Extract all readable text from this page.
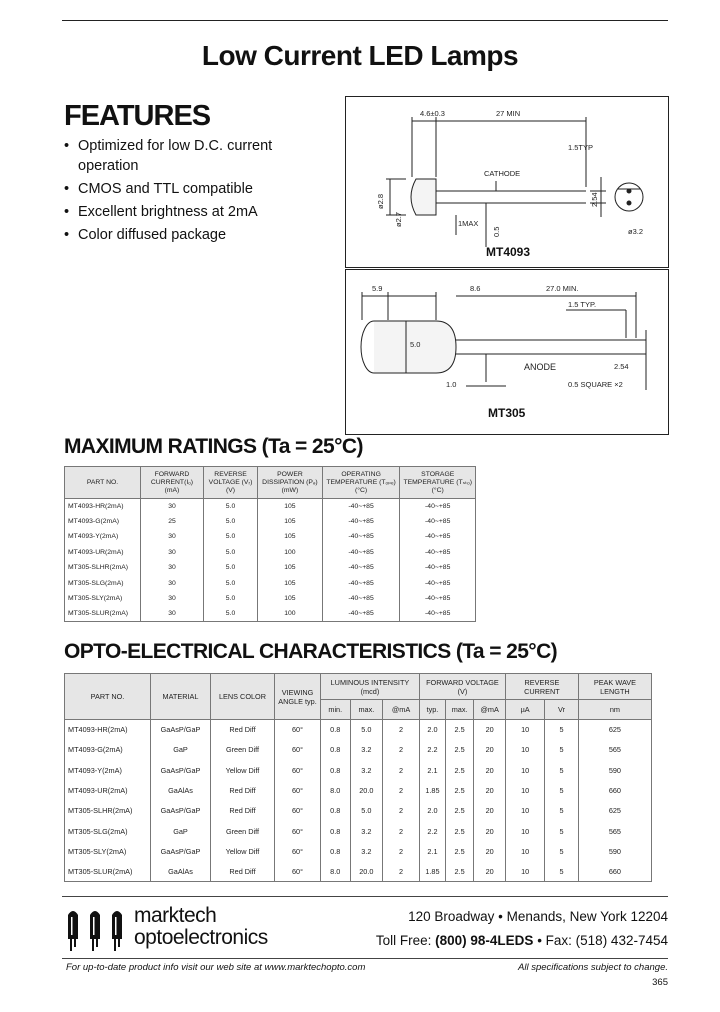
Low Current LED Lamps
FEATURES
• Optimized for low D.C. current operation
• CMOS and TTL compatible
• Excellent brightness at 2mA
• Color diffused package
4.6±0.3	27 MIN
1.5TYP
CATHODE
ø2.8
ø2.7	1MAX
0.5
2.54
ø3.2
MT4093
5.9	8.6	27.0 MIN.
1.5 TYP.
5.0
ANODE	2.54
1.0	0.5 SQUARE ×2
MT305
MAXIMUM RATINGS (Ta = 25°C)
PART NO.	FORWARD CURRENT(Iₒ) (mA)	REVERSE VOLTAGE (Vᵣ) (V)	POWER DISSIPATION (Pₔ) (mW)	OPERATING TEMPERATURE (Tₒₚₑ) (°C)	STORAGE TEMPERATURE (Tₛₜₒ) (°C)
MT4093-HR(2mA)	30	5.0	105	-40~+85	-40~+85
MT4093-G(2mA)	25	5.0	105	-40~+85	-40~+85
MT4093-Y(2mA)	30	5.0	105	-40~+85	-40~+85
MT4093-UR(2mA)	30	5.0	100	-40~+85	-40~+85
MT305-SLHR(2mA)	30	5.0	105	-40~+85	-40~+85
MT305-SLG(2mA)	30	5.0	105	-40~+85	-40~+85
MT305-SLY(2mA)	30	5.0	105	-40~+85	-40~+85
MT305-SLUR(2mA)	30	5.0	100	-40~+85	-40~+85
OPTO-ELECTRICAL CHARACTERISTICS (Ta = 25°C)
PART NO.	MATERIAL	LENS COLOR	VIEWING ANGLE typ.	LUMINOUS INTENSITY (mcd)			FORWARD VOLTAGE (V)			REVERSE CURRENT		PEAK WAVE LENGTH
				min.	max.	@mA	typ.	max.	@mA	µA	Vr	nm
MT4093-HR(2mA)	GaAsP/GaP	Red Diff	60°	0.8	5.0	2	2.0	2.5	20	10	5	625
MT4093-G(2mA)	GaP	Green Diff	60°	0.8	3.2	2	2.2	2.5	20	10	5	565
MT4093-Y(2mA)	GaAsP/GaP	Yellow Diff	60°	0.8	3.2	2	2.1	2.5	20	10	5	590
MT4093-UR(2mA)	GaAlAs	Red Diff	60°	8.0	20.0	2	1.85	2.5	20	10	5	660
MT305-SLHR(2mA)	GaAsP/GaP	Red Diff	60°	0.8	5.0	2	2.0	2.5	20	10	5	625
MT305-SLG(2mA)	GaP	Green Diff	60°	0.8	3.2	2	2.2	2.5	20	10	5	565
MT305-SLY(2mA)	GaAsP/GaP	Yellow Diff	60°	0.8	3.2	2	2.1	2.5	20	10	5	590
MT305-SLUR(2mA)	GaAlAs	Red Diff	60°	8.0	20.0	2	1.85	2.5	20	10	5	660
marktech
optoelectronics
120 Broadway • Menands, New York 12204
Toll Free: (800) 98-4LEDS • Fax: (518) 432-7454
For up-to-date product info visit our web site at www.marktechopto.com	All specifications subject to change.
365
